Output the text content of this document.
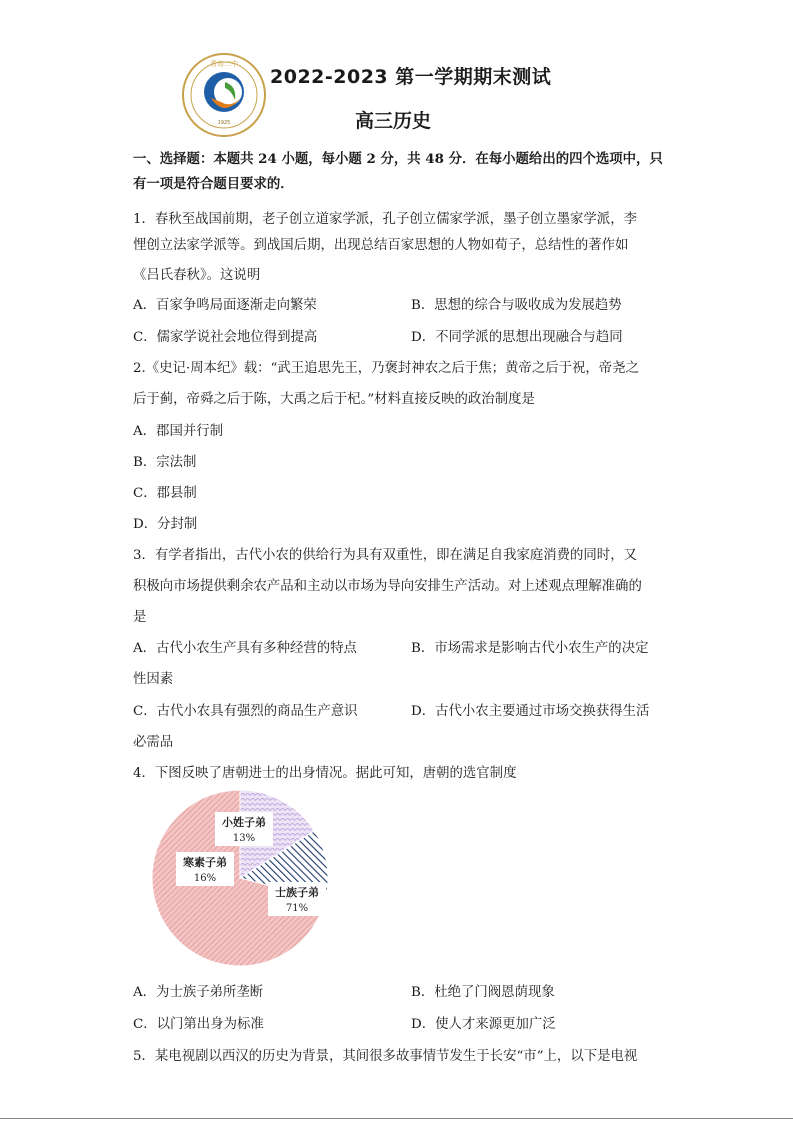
1925
青岛二中
2022-2023 第一学期期末测试
高三历史
一、选择题：本题共 24 小题，每小题 2 分，共 48 分．在每小题给出的四个选项中，只
有一项是符合题目要求的．
1．春秋至战国前期，老子创立道家学派，孔子创立儒家学派，墨子创立墨家学派，李
悝创立法家学派等。到战国后期，出现总结百家思想的人物如荀子，总结性的著作如
《吕氏春秋》。这说明
A．百家争鸣局面逐渐走向繁荣	B．思想的综合与吸收成为发展趋势
C．儒家学说社会地位得到提高	D．不同学派的思想出现融合与趋同
2.《史记·周本纪》载：“武王追思先王，乃褒封神农之后于焦；黄帝之后于祝，帝尧之
后于蓟，帝舜之后于陈，大禹之后于杞。”材料直接反映的政治制度是
A．郡国并行制
B．宗法制
C．郡县制
D．分封制
3．有学者指出，古代小农的供给行为具有双重性，即在满足自我家庭消费的同时，又
积极向市场提供剩余农产品和主动以市场为导向安排生产活动。对上述观点理解准确的
是
A．古代小农生产具有多种经营的特点	B．市场需求是影响古代小农生产的决定
性因素
C．古代小农具有强烈的商品生产意识	D．古代小农主要通过市场交换获得生活
必需品
4．下图反映了唐朝进士的出身情况。据此可知，唐朝的选官制度
士族子弟
71%
寒素子弟
16%
小姓子弟
13%
A．为士族子弟所垄断	B．杜绝了门阀恩荫现象
C．以门第出身为标准	D．使人才来源更加广泛
5．某电视剧以西汉的历史为背景，其间很多故事情节发生于长安“市”上，以下是电视
